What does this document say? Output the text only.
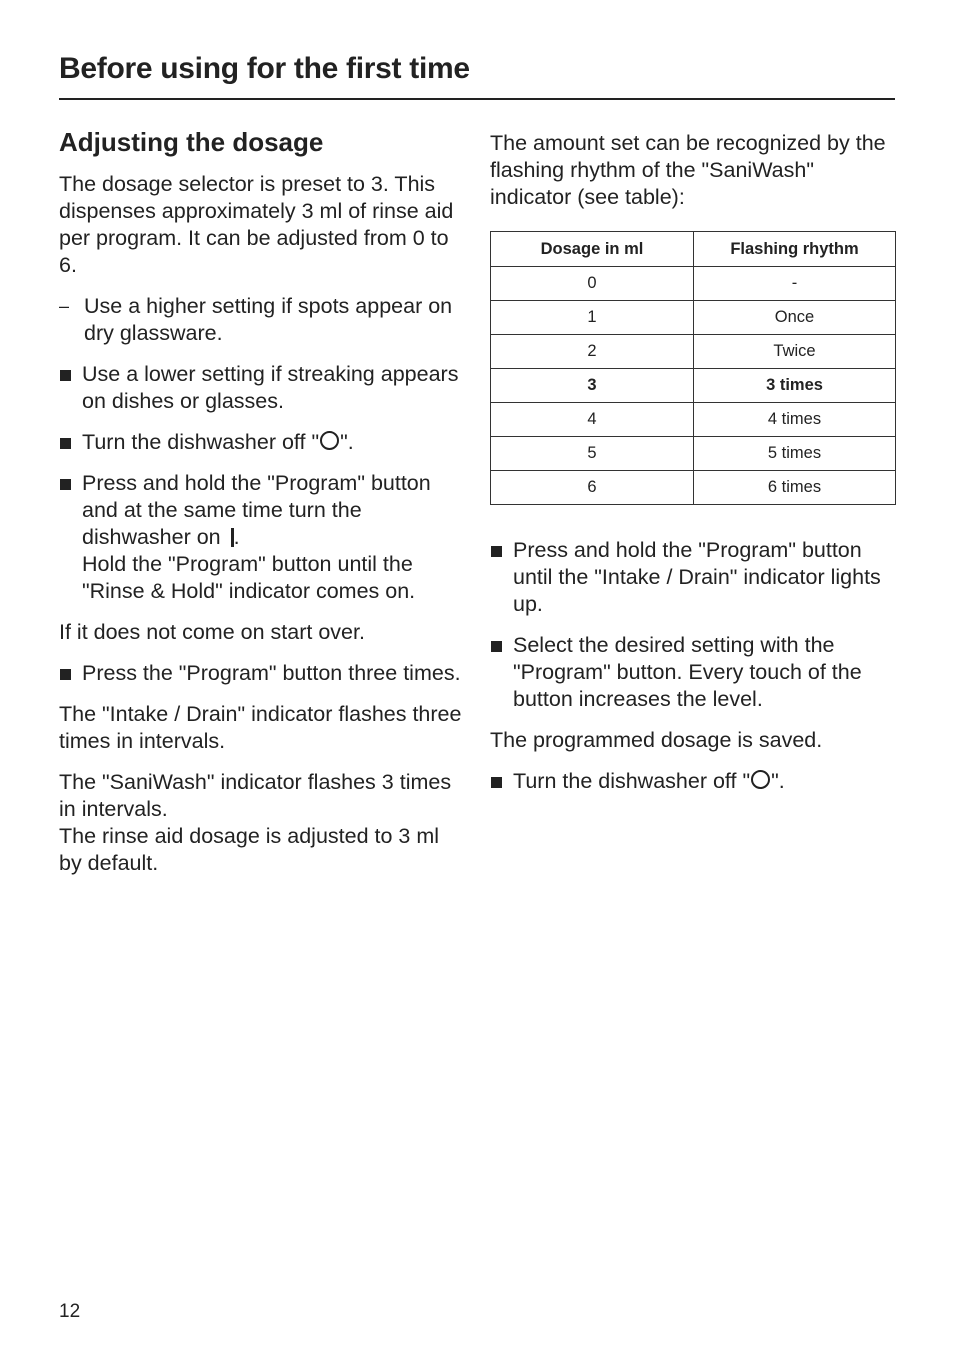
Before using for the first time
Adjusting the dosage

The dosage selector is preset to 3. This dispenses approximately 3 ml of rinse aid per program. It can be adjusted from 0 to 6.

– Use a higher setting if spots appear on dry glassware.
Use a lower setting if streaking appears on dishes or glasses.
Turn the dishwasher off " ".
Press and hold the "Program" button and at the same time turn the dishwasher on .
Hold the "Program" button until the "Rinse & Hold" indicator comes on.

If it does not come on start over.

Press the "Program" button three times.

The "Intake / Drain" indicator flashes three times in intervals.

The "SaniWash" indicator flashes 3 times in intervals.

The rinse aid dosage is adjusted to 3 ml by default.

The amount set can be recognized by the flashing rhythm of the "SaniWash" indicator (see table):

Dosage in ml	Flashing rhythm
0	-
1	Once
2	Twice
3	3 times
4	4 times
5	5 times
6	6 times
Press and hold the "Program" button until the "Intake / Drain" indicator lights up.
Select the desired setting with the "Program" button. Every touch of the button increases the level.

The programmed dosage is saved.

Turn the dishwasher off " ".
12
